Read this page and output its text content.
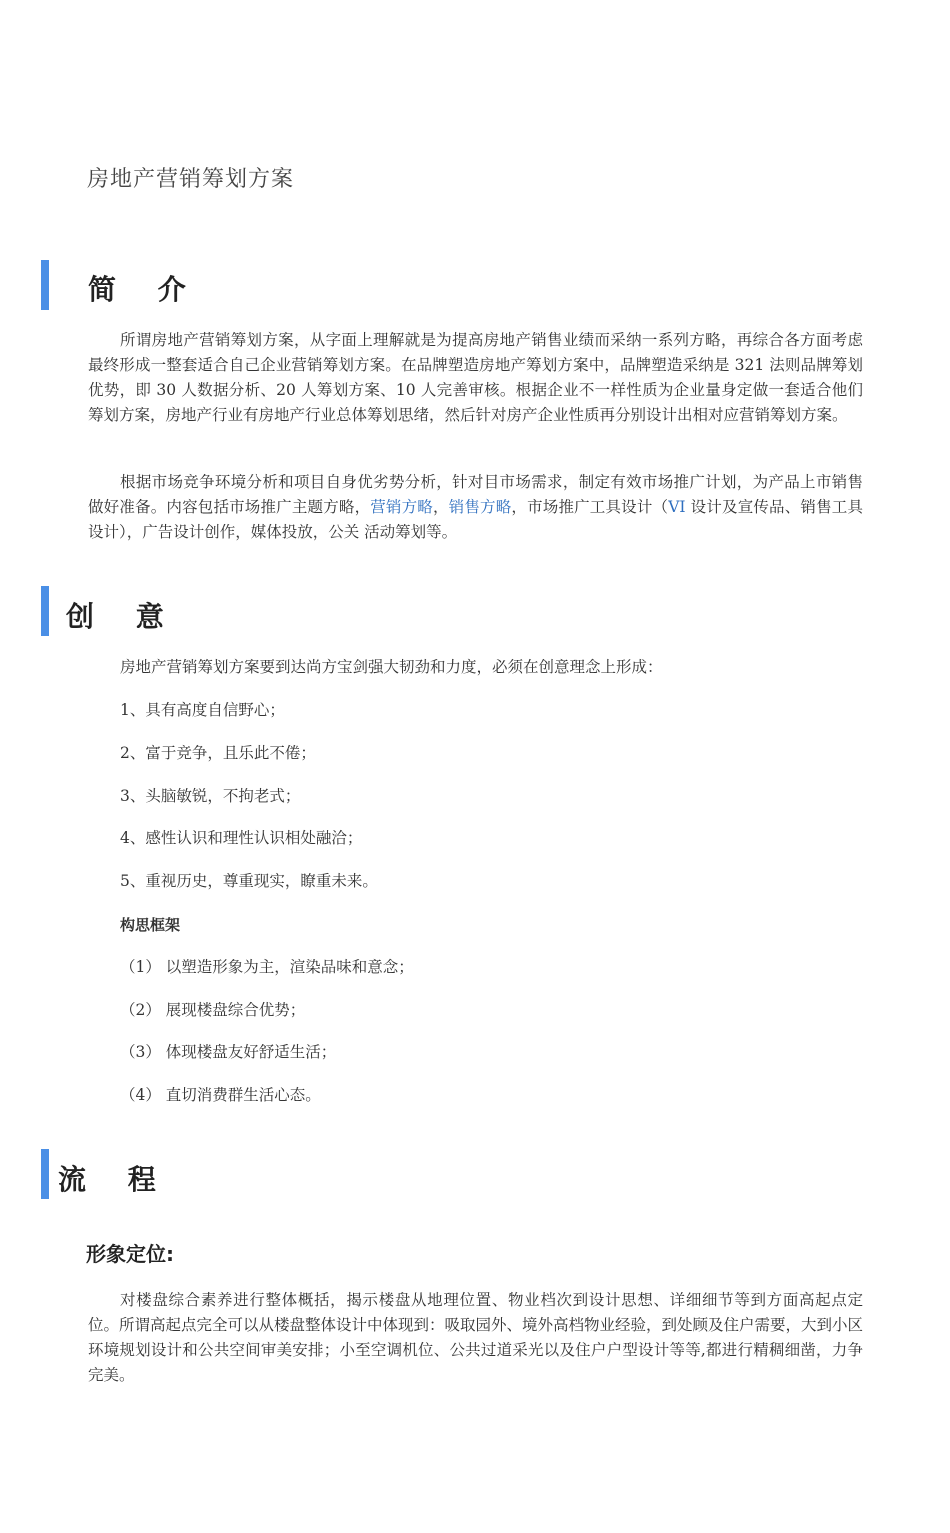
房地产营销筹划方案
简 介
所谓房地产营销筹划方案，从字面上理解就是为提高房地产销售业绩而采纳一系列方略，再综合各方面考虑最终形成一整套适合自己企业营销筹划方案。在品牌塑造房地产筹划方案中，品牌塑造采纳是 321 法则品牌筹划优势，即 30 人数据分析、20 人筹划方案、10 人完善审核。根据企业不一样性质为企业量身定做一套适合他们筹划方案，房地产行业有房地产行业总体筹划思绪，然后针对房产企业性质再分别设计出相对应营销筹划方案。
根据市场竞争环境分析和项目自身优劣势分析，针对目市场需求，制定有效市场推广计划，为产品上市销售做好准备。内容包括市场推广主题方略，营销方略，销售方略，市场推广工具设计（VI 设计及宣传品、销售工具设计），广告设计创作，媒体投放，公关 活动筹划等。
创 意
房地产营销筹划方案要到达尚方宝剑强大韧劲和力度，必须在创意理念上形成：
1、具有高度自信野心；
2、富于竞争，且乐此不倦；
3、头脑敏锐，不拘老式；
4、感性认识和理性认识相处融洽；
5、重视历史，尊重现实，瞭重未来。
构思框架
（1） 以塑造形象为主，渲染品味和意念；
（2） 展现楼盘综合优势；
（3） 体现楼盘友好舒适生活；
（4） 直切消费群生活心态。
流 程
形象定位:
对楼盘综合素养进行整体概括，揭示楼盘从地理位置、物业档次到设计思想、详细细节等到方面高起点定位。所谓高起点完全可以从楼盘整体设计中体现到：吸取园外、境外高档物业经验，到处顾及住户需要，大到小区环境规划设计和公共空间审美安排；小至空调机位、公共过道采光以及住户户型设计等等,都进行精稠细凿，力争完美。
